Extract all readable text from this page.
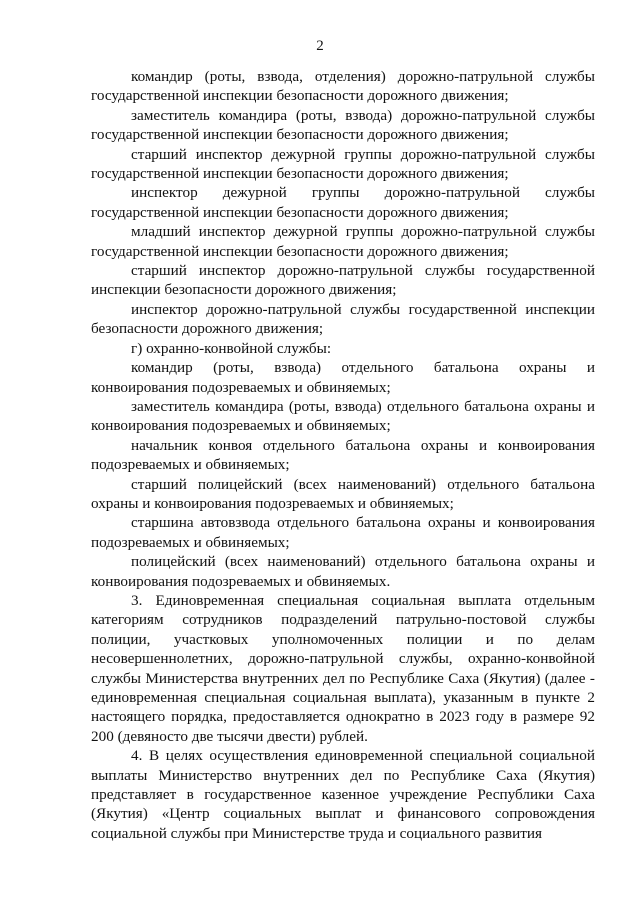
2

командир (роты, взвода, отделения) дорожно-патрульной службы государственной инспекции безопасности дорожного движения;

заместитель командира (роты, взвода) дорожно-патрульной службы государственной инспекции безопасности дорожного движения;

старший инспектор дежурной группы дорожно-патрульной службы государственной инспекции безопасности дорожного движения;

инспектор дежурной группы дорожно-патрульной службы государственной инспекции безопасности дорожного движения;

младший инспектор дежурной группы дорожно-патрульной службы государственной инспекции безопасности дорожного движения;

старший инспектор дорожно-патрульной службы государственной инспекции безопасности дорожного движения;

инспектор дорожно-патрульной службы государственной инспекции безопасности дорожного движения;

г) охранно-конвойной службы:

командир (роты, взвода) отдельного батальона охраны и конвоирования подозреваемых и обвиняемых;

заместитель командира (роты, взвода) отдельного батальона охраны и конвоирования подозреваемых и обвиняемых;

начальник конвоя отдельного батальона охраны и конвоирования подозреваемых и обвиняемых;

старший полицейский (всех наименований) отдельного батальона охраны и конвоирования подозреваемых и обвиняемых;

старшина автовзвода отдельного батальона охраны и конвоирования подозреваемых и обвиняемых;

полицейский (всех наименований) отдельного батальона охраны и конвоирования подозреваемых и обвиняемых.

3. Единовременная специальная социальная выплата отдельным категориям сотрудников подразделений патрульно-постовой службы полиции, участковых уполномоченных полиции и по делам несовершеннолетних, дорожно-патрульной службы, охранно-конвойной службы Министерства внутренних дел по Республике Саха (Якутия) (далее - единовременная специальная социальная выплата), указанным в пункте 2 настоящего порядка, предоставляется однократно в 2023 году в размере 92 200 (девяносто две тысячи двести) рублей.

4. В целях осуществления единовременной специальной социальной выплаты Министерство внутренних дел по Республике Саха (Якутия) представляет в государственное казенное учреждение Республики Саха (Якутия) «Центр социальных выплат и финансового сопровождения социальной службы при Министерстве труда и социального развития
